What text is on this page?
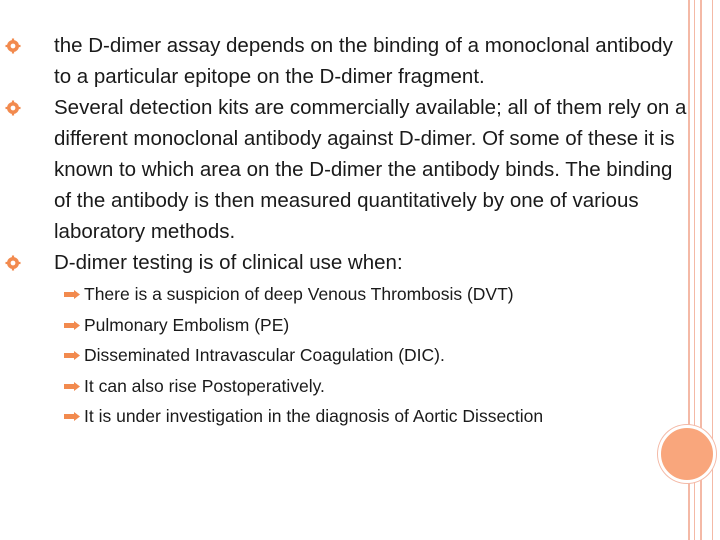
the D-dimer assay depends on the binding of a monoclonal antibody to a particular epitope on the D-dimer fragment.
Several detection kits are commercially available; all of them rely on a different monoclonal antibody against D-dimer. Of some of these it is known to which area on the D-dimer the antibody binds. The binding of the antibody is then measured quantitatively by one of various laboratory methods.
D-dimer testing is of clinical use when:
There is a suspicion of deep Venous Thrombosis (DVT)
Pulmonary Embolism (PE)
Disseminated Intravascular Coagulation (DIC).
It can also rise Postoperatively.
It is under investigation in the diagnosis of Aortic Dissection
